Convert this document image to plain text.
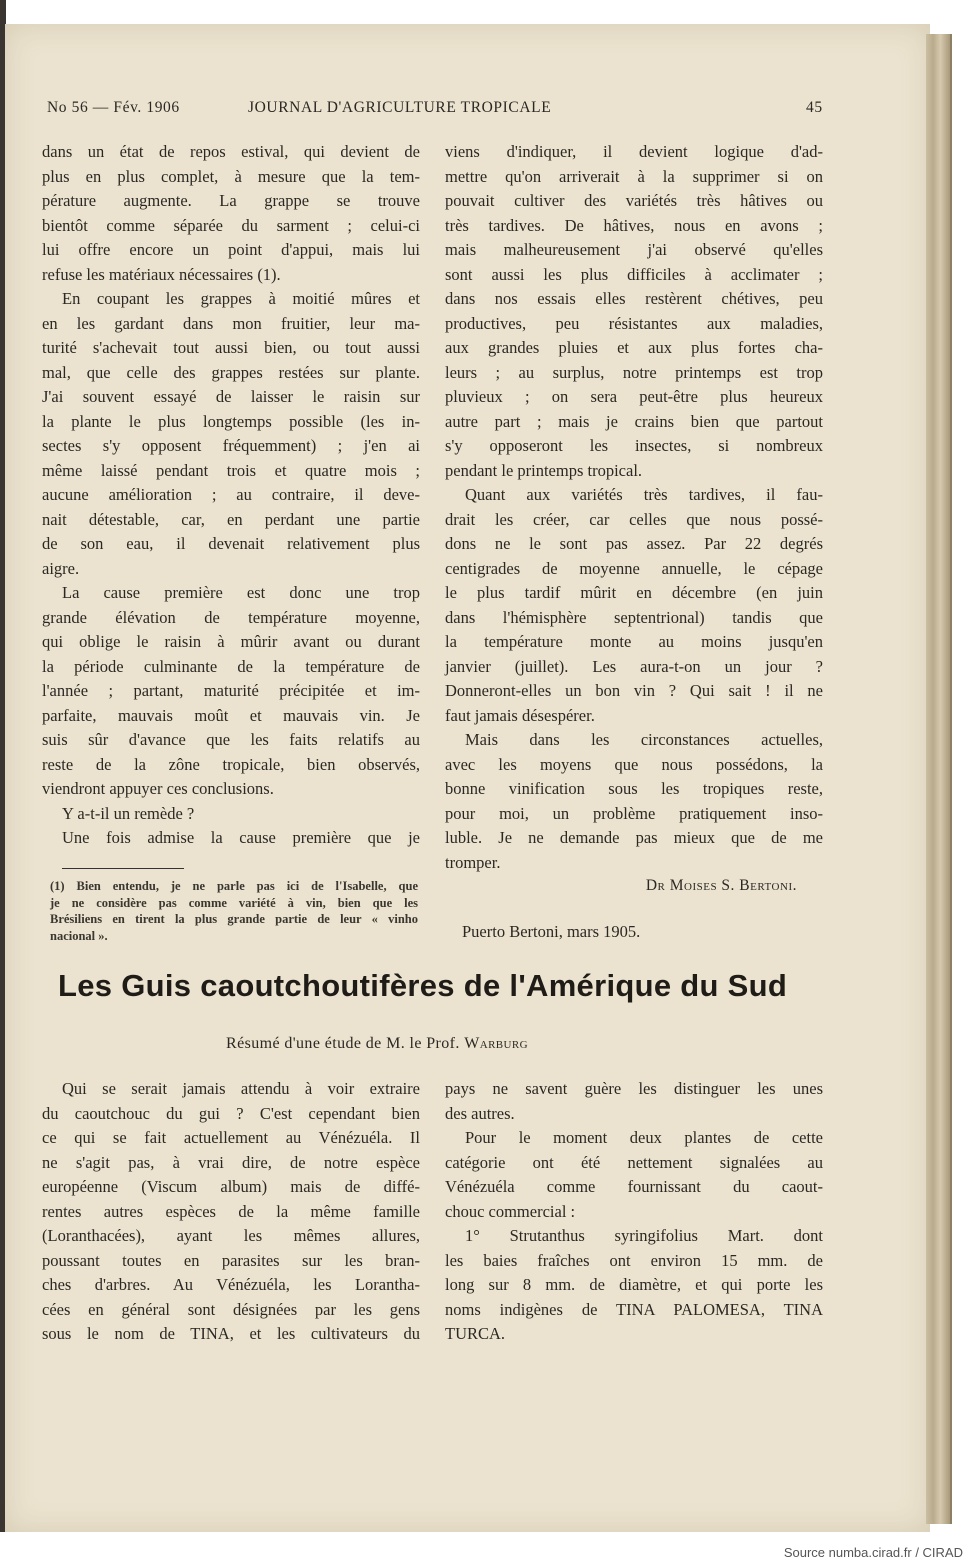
No 56 — Fév. 1906	JOURNAL D'AGRICULTURE TROPICALE	45
dans un état de repos estival, qui devient de
plus en plus complet, à mesure que la tem-
pérature augmente. La grappe se trouve
bientôt comme séparée du sarment ; celui-ci
lui offre encore un point d'appui, mais lui
refuse les matériaux nécessaires (1).
En coupant les grappes à moitié mûres et
en les gardant dans mon fruitier, leur ma-
turité s'achevait tout aussi bien, ou tout aussi
mal, que celle des grappes restées sur plante.
J'ai souvent essayé de laisser le raisin sur
la plante le plus longtemps possible (les in-
sectes s'y opposent fréquemment) ; j'en ai
même laissé pendant trois et quatre mois ;
aucune amélioration ; au contraire, il deve-
nait détestable, car, en perdant une partie
de son eau, il devenait relativement plus
aigre.
La cause première est donc une trop
grande élévation de température moyenne,
qui oblige le raisin à mûrir avant ou durant
la période culminante de la température de
l'année ; partant, maturité précipitée et im-
parfaite, mauvais moût et mauvais vin. Je
suis sûr d'avance que les faits relatifs au
reste de la zône tropicale, bien observés,
viendront appuyer ces conclusions.
Y a-t-il un remède ?
Une fois admise la cause première que je
viens d'indiquer, il devient logique d'ad-
mettre qu'on arriverait à la supprimer si on
pouvait cultiver des variétés très hâtives ou
très tardives. De hâtives, nous en avons ;
mais malheureusement j'ai observé qu'elles
sont aussi les plus difficiles à acclimater ;
dans nos essais elles restèrent chétives, peu
productives, peu résistantes aux maladies,
aux grandes pluies et aux plus fortes cha-
leurs ; au surplus, notre printemps est trop
pluvieux ; on sera peut-être plus heureux
autre part ; mais je crains bien que partout
s'y opposeront les insectes, si nombreux
pendant le printemps tropical.
Quant aux variétés très tardives, il fau-
drait les créer, car celles que nous possé-
dons ne le sont pas assez. Par 22 degrés
centigrades de moyenne annuelle, le cépage
le plus tardif mûrit en décembre (en juin
dans l'hémisphère septentrional) tandis que
la température monte au moins jusqu'en
janvier (juillet). Les aura-t-on un jour ?
Donneront-elles un bon vin ? Qui sait ! il ne
faut jamais désespérer.
Mais dans les circonstances actuelles,
avec les moyens que nous possédons, la
bonne vinification sous les tropiques reste,
pour moi, un problème pratiquement inso-
luble. Je ne demande pas mieux que de me
tromper.
(1) Bien entendu, je ne parle pas ici de l'Isabelle, que
je ne considère pas comme variété à vin, bien que les
Brésiliens en tirent la plus grande partie de leur « vinho
nacional ».
Dr Moises S. Bertoni.
Puerto Bertoni, mars 1905.
Les Guis caoutchoutifères de l'Amérique du Sud
Résumé d'une étude de M. le Prof. Warburg
Qui se serait jamais attendu à voir extraire
du caoutchouc du gui ? C'est cependant bien
ce qui se fait actuellement au Vénézuéla. Il
ne s'agit pas, à vrai dire, de notre espèce
européenne (Viscum album) mais de diffé-
rentes autres espèces de la même famille
(Loranthacées), ayant les mêmes allures,
poussant toutes en parasites sur les bran-
ches d'arbres. Au Vénézuéla, les Lorantha-
cées en général sont désignées par les gens
sous le nom de TINA, et les cultivateurs du
pays ne savent guère les distinguer les unes
des autres.
Pour le moment deux plantes de cette
catégorie ont été nettement signalées au
Vénézuéla comme fournissant du caout-
chouc commercial :
1° Strutanthus syringifolius Mart. dont
les baies fraîches ont environ 15 mm. de
long sur 8 mm. de diamètre, et qui porte les
noms indigènes de TINA PALOMESA, TINA
TURCA.
Source numba.cirad.fr / CIRAD
